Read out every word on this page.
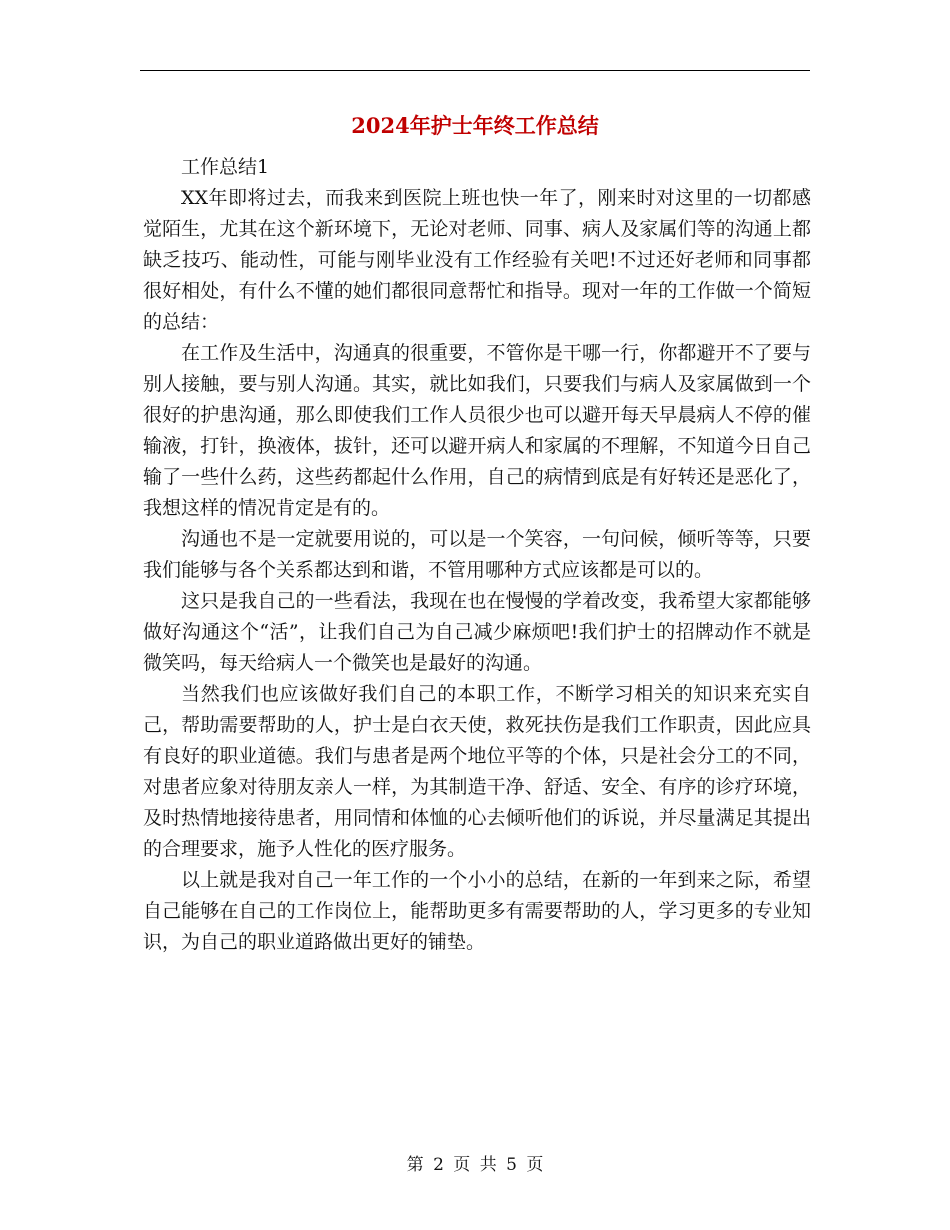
2024年护士年终工作总结

工作总结1

XX年即将过去，而我来到医院上班也快一年了，刚来时对这里的一切都感觉陌生，尤其在这个新环境下，无论对老师、同事、病人及家属们等的沟通上都缺乏技巧、能动性，可能与刚毕业没有工作经验有关吧!不过还好老师和同事都很好相处，有什么不懂的她们都很同意帮忙和指导。现对一年的工作做一个简短的总结：

在工作及生活中，沟通真的很重要，不管你是干哪一行，你都避开不了要与别人接触，要与别人沟通。其实，就比如我们，只要我们与病人及家属做到一个很好的护患沟通，那么即使我们工作人员很少也可以避开每天早晨病人不停的催输液，打针，换液体，拔针，还可以避开病人和家属的不理解，不知道今日自己输了一些什么药，这些药都起什么作用，自己的病情到底是有好转还是恶化了，我想这样的情况肯定是有的。

沟通也不是一定就要用说的，可以是一个笑容，一句问候，倾听等等，只要我们能够与各个关系都达到和谐，不管用哪种方式应该都是可以的。

这只是我自己的一些看法，我现在也在慢慢的学着改变，我希望大家都能够做好沟通这个“活”，让我们自己为自己减少麻烦吧!我们护士的招牌动作不就是微笑吗，每天给病人一个微笑也是最好的沟通。

当然我们也应该做好我们自己的本职工作，不断学习相关的知识来充实自己，帮助需要帮助的人，护士是白衣天使，救死扶伤是我们工作职责，因此应具有良好的职业道德。我们与患者是两个地位平等的个体，只是社会分工的不同，对患者应象对待朋友亲人一样，为其制造干净、舒适、安全、有序的诊疗环境，及时热情地接待患者，用同情和体恤的心去倾听他们的诉说，并尽量满足其提出的合理要求，施予人性化的医疗服务。

以上就是我对自己一年工作的一个小小的总结，在新的一年到来之际，希望自己能够在自己的工作岗位上，能帮助更多有需要帮助的人，学习更多的专业知识，为自己的职业道路做出更好的铺垫。

第 2 页 共 5 页
